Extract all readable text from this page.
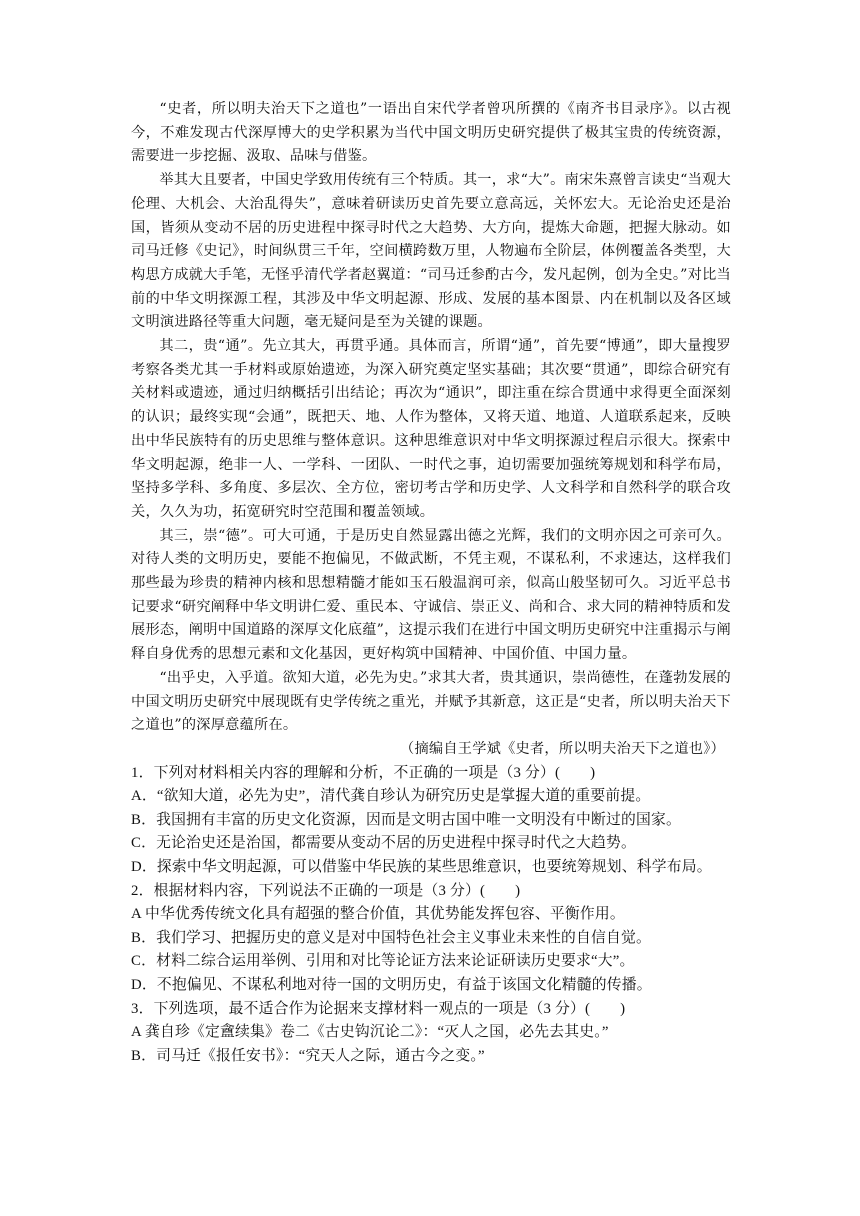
“史者，所以明夫治天下之道也”一语出自宋代学者曾巩所撰的《南齐书目录序》。以古视今，不难发现古代深厚博大的史学积累为当代中国文明历史研究提供了极其宝贵的传统资源，需要进一步挖掘、汲取、品味与借鉴。

举其大且要者，中国史学致用传统有三个特质。其一，求“大”。南宋朱熹曾言读史“当观大伦理、大机会、大治乱得失”，意味着研读历史首先要立意高远，关怀宏大。无论治史还是治国，皆须从变动不居的历史进程中探寻时代之大趋势、大方向，提炼大命题，把握大脉动。如司马迁修《史记》，时间纵贯三千年，空间横跨数万里，人物遍布全阶层，体例覆盖各类型，大构思方成就大手笔，无怪乎清代学者赵翼道：“司马迁参酌古今，发凡起例，创为全史。”对比当前的中华文明探源工程，其涉及中华文明起源、形成、发展的基本图景、内在机制以及各区域文明演进路径等重大问题，毫无疑问是至为关键的课题。

其二，贵“通”。先立其大，再贯乎通。具体而言，所谓“通”，首先要“博通”，即大量搜罗考察各类尤其一手材料或原始遗迹，为深入研究奠定坚实基础；其次要“贯通”，即综合研究有关材料或遗迹，通过归纳概括引出结论；再次为“通识”，即注重在综合贯通中求得更全面深刻的认识；最终实现“会通”，既把天、地、人作为整体，又将天道、地道、人道联系起来，反映出中华民族特有的历史思维与整体意识。这种思维意识对中华文明探源过程启示很大。探索中华文明起源，绝非一人、一学科、一团队、一时代之事，迫切需要加强统筹规划和科学布局，坚持多学科、多角度、多层次、全方位，密切考古学和历史学、人文科学和自然科学的联合攻关，久久为功，拓宽研究时空范围和覆盖领域。

其三，崇“德”。可大可通，于是历史自然显露出德之光辉，我们的文明亦因之可亲可久。对待人类的文明历史，要能不抱偏见，不做武断，不凭主观，不谋私利，不求速达，这样我们那些最为珍贵的精神内核和思想精髓才能如玉石般温润可亲，似高山般坚韧可久。习近平总书记要求“研究阐释中华文明讲仁爱、重民本、守诚信、崇正义、尚和合、求大同的精神特质和发展形态，阐明中国道路的深厚文化底蕴”，这提示我们在进行中国文明历史研究中注重揭示与阐释自身优秀的思想元素和文化基因，更好构筑中国精神、中国价值、中国力量。

“出乎史，入乎道。欲知大道，必先为史。”求其大者，贵其通识，崇尚德性，在蓬勃发展的中国文明历史研究中展现既有史学传统之重光，并赋予其新意，这正是“史者，所以明夫治天下之道也”的深厚意蕴所在。

（摘编自王学斌《史者，所以明夫治天下之道也》）

1．下列对材料相关内容的理解和分析，不正确的一项是（3 分）(　　)

A．“欲知大道，必先为史”，清代龚自珍认为研究历史是掌握大道的重要前提。

B．我国拥有丰富的历史文化资源，因而是文明古国中唯一文明没有中断过的国家。

C．无论治史还是治国，都需要从变动不居的历史进程中探寻时代之大趋势。

D．探索中华文明起源，可以借鉴中华民族的某些思维意识，也要统筹规划、科学布局。

2．根据材料内容，下列说法不正确的一项是（3 分）(　　)

A 中华优秀传统文化具有超强的整合价值，其优势能发挥包容、平衡作用。

B．我们学习、把握历史的意义是对中国特色社会主义事业未来性的自信自觉。

C．材料二综合运用举例、引用和对比等论证方法来论证研读历史要求“大”。

D．不抱偏见、不谋私利地对待一国的文明历史，有益于该国文化精髓的传播。

3．下列选项，最不适合作为论据来支撑材料一观点的一项是（3 分）(　　)

A 龚自珍《定盦续集》卷二《古史钩沉论二》：“灭人之国，必先去其史。”

B．司马迁《报任安书》：“究天人之际，通古今之变。”
